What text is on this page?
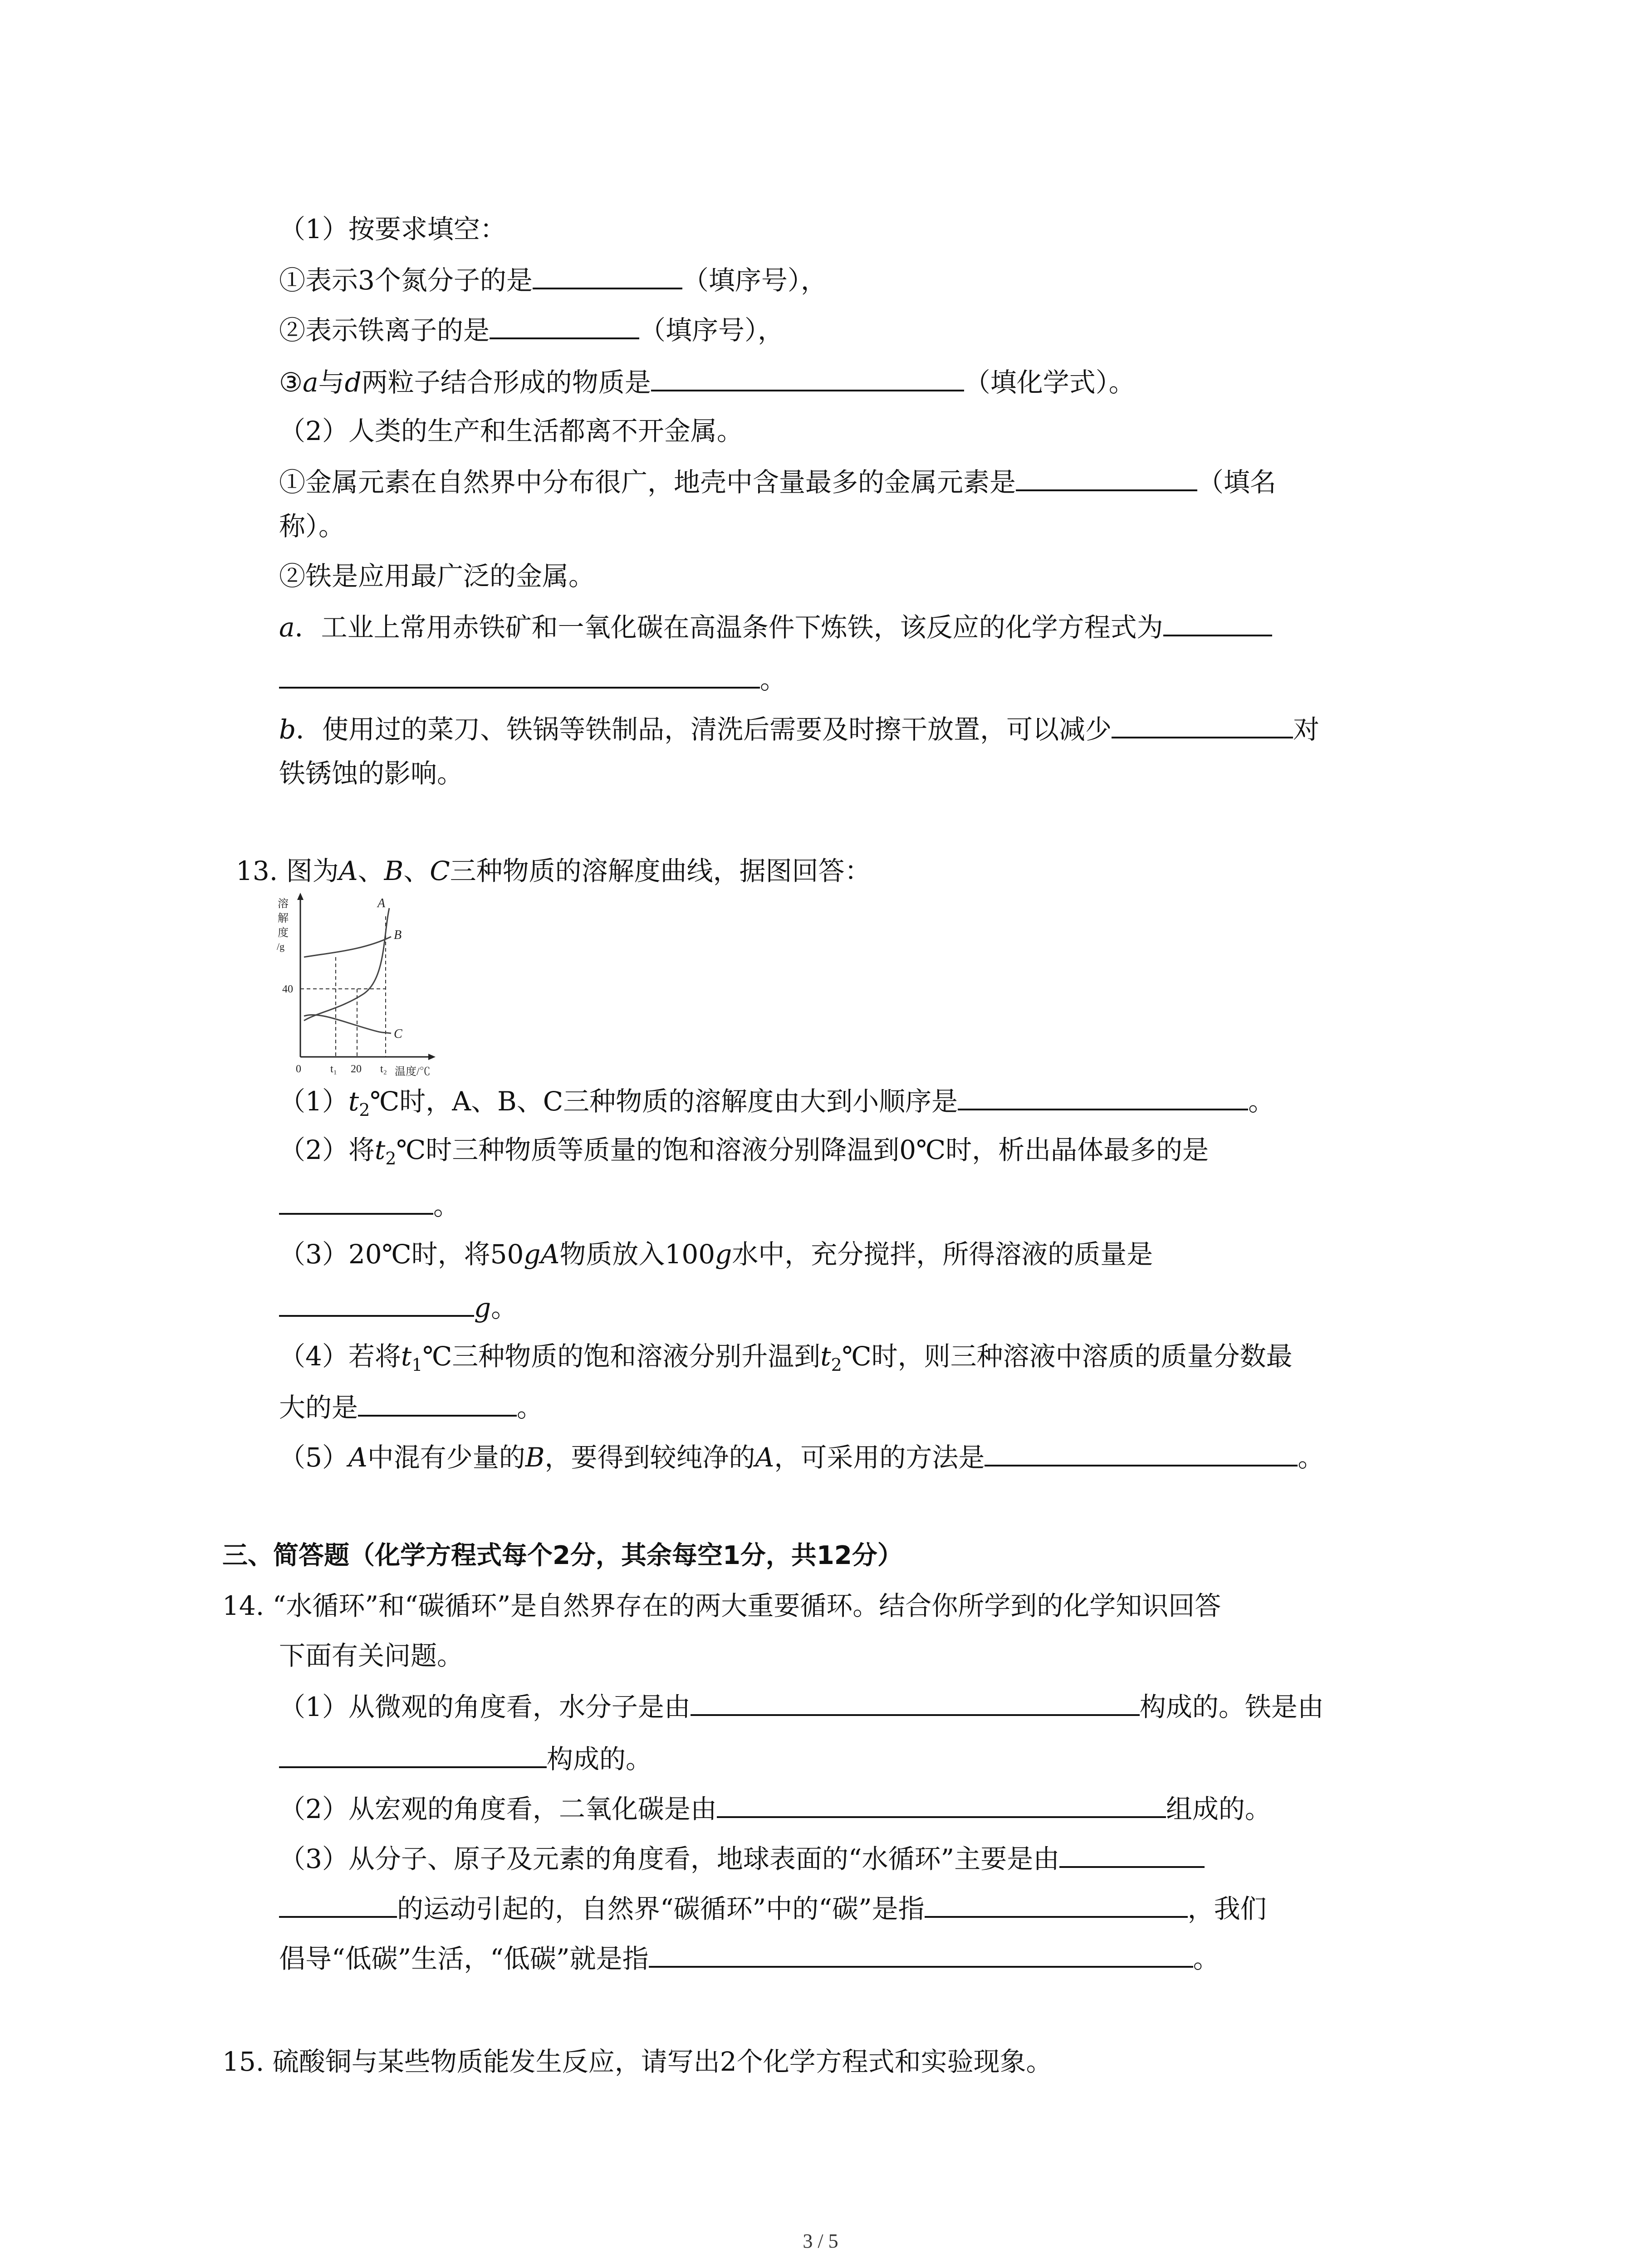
（1）按要求填空：
①表示3个氮分子的是	（填序号），
②表示铁离子的是	（填序号），
③a与d两粒子结合形成的物质是	（填化学式）。
（2）人类的生产和生活都离不开金属。
①金属元素在自然界中分布很广，地壳中含量最多的金属元素是	（填名
称）。
②铁是应用最广泛的金属。
a．工业上常用赤铁矿和一氧化碳在高温条件下炼铁，该反应的化学方程式为
。
b．使用过的菜刀、铁锅等铁制品，清洗后需要及时擦干放置，可以减少	对
铁锈蚀的影响。
13. 图为A、B、C三种物质的溶解度曲线，据图回答：
溶
解
度
/g
A
B
C
40
0	t₁ 20 t₂ 温度/℃
$(1)t_2℃$时，A、B、C三种物质的溶解度由大到小顺序是	。
（2）将$t_2℃$时三种物质等质量的饱和溶液分别降温到0℃时，析出晶体最多的是
。
（3）20℃时，将50gA物质放入100g水中，充分搅拌，所得溶液的质量是
g。
（4）若将$t_1℃$三种物质的饱和溶液分别升温到$t_2℃$时，则三种溶液中溶质的质量分数最
大的是	。
（5）A中混有少量的B，要得到较纯净的A，可采用的方法是	。
三、简答题（化学方程式每个2分，其余每空1分，共12分）
14. “水循环”和“碳循环”是自然界存在的两大重要循环。结合你所学到的化学知识回答
下面有关问题。
（1）从微观的角度看，水分子是由	构成的。铁是由
构成的。
（2）从宏观的角度看，二氧化碳是由	组成的。
（3）从分子、原子及元素的角度看，地球表面的“水循环”主要是由
的运动引起的，自然界“碳循环”中的“碳”是指	，我们
倡导“低碳”生活，“低碳”就是指	。
15. 硫酸铜与某些物质能发生反应，请写出2个化学方程式和实验现象。
3 / 5
